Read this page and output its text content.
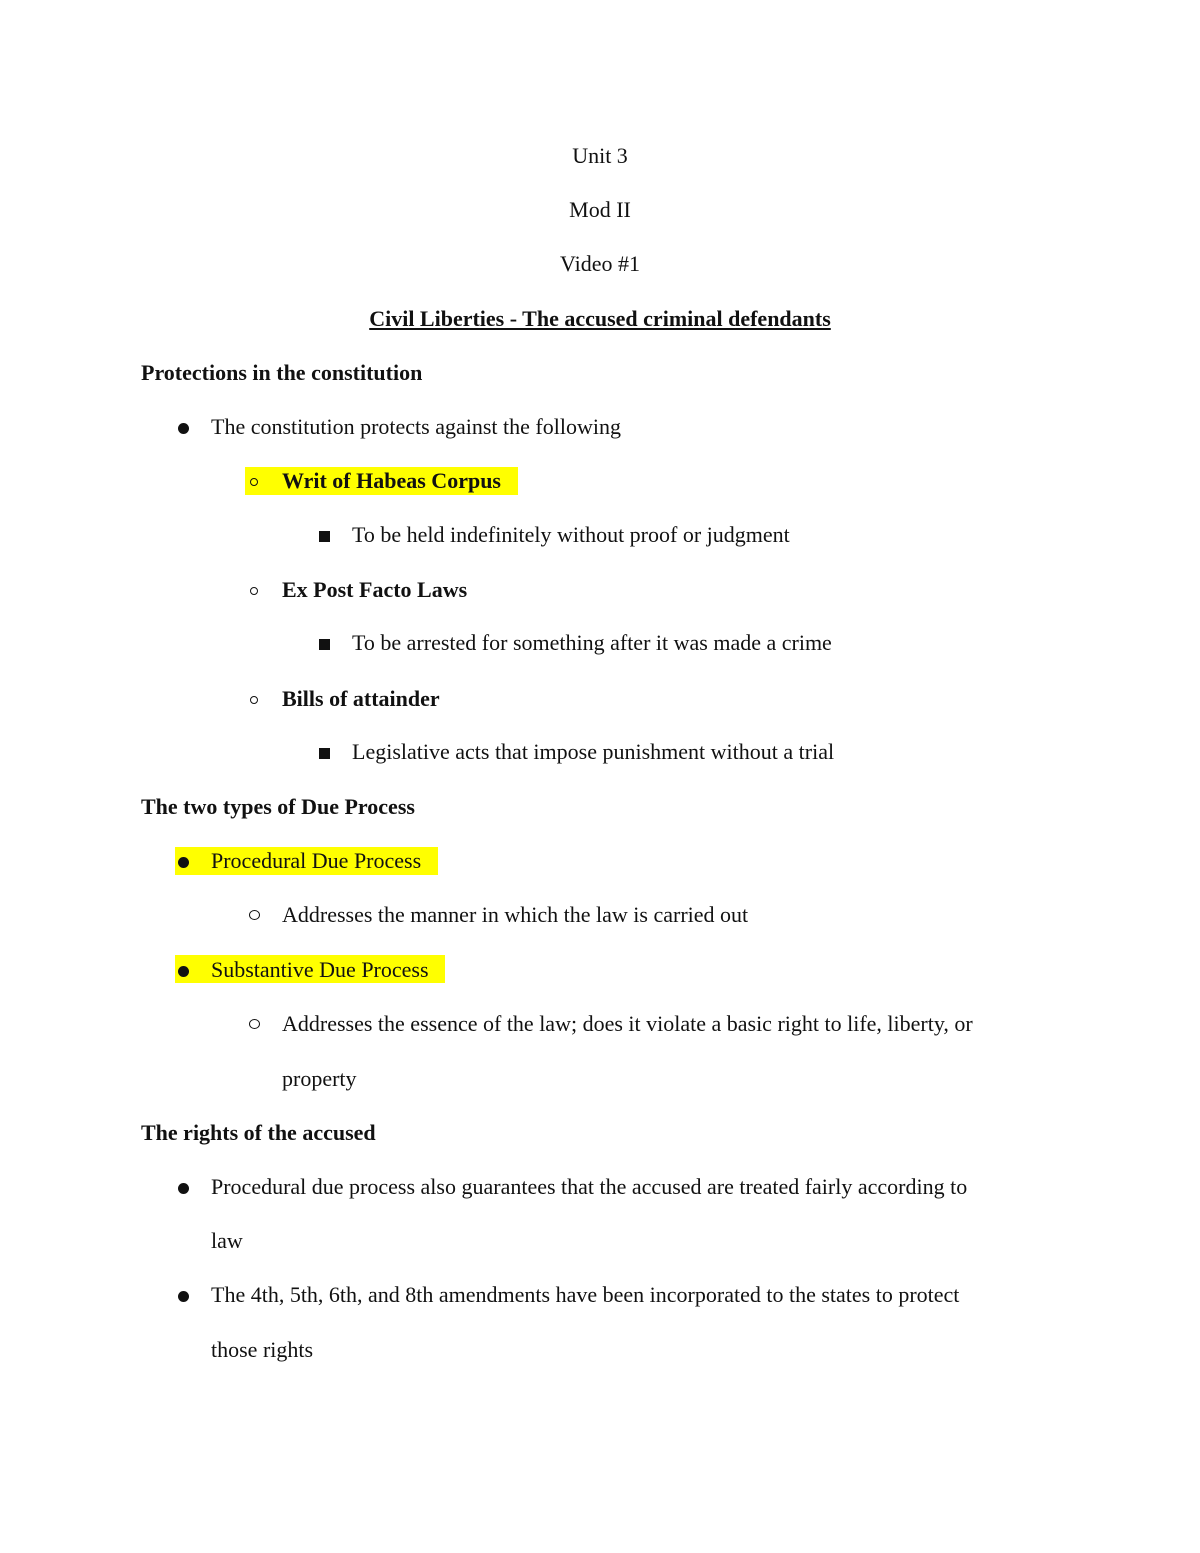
Unit 3
Mod II
Video #1
Civil Liberties - The accused criminal defendants
Protections in the constitution
The constitution protects against the following
Writ of Habeas Corpus
To be held indefinitely without proof or judgment
Ex Post Facto Laws
To be arrested for something after it was made a crime
Bills of attainder
Legislative acts that impose punishment without a trial
The two types of Due Process
Procedural Due Process
Addresses the manner in which the law is carried out
Substantive Due Process
Addresses the essence of the law; does it violate a basic right to life, liberty, or
property
The rights of the accused
Procedural due process also guarantees that the accused are treated fairly according to
law
The 4th, 5th, 6th, and 8th amendments have been incorporated to the states to protect
those rights
